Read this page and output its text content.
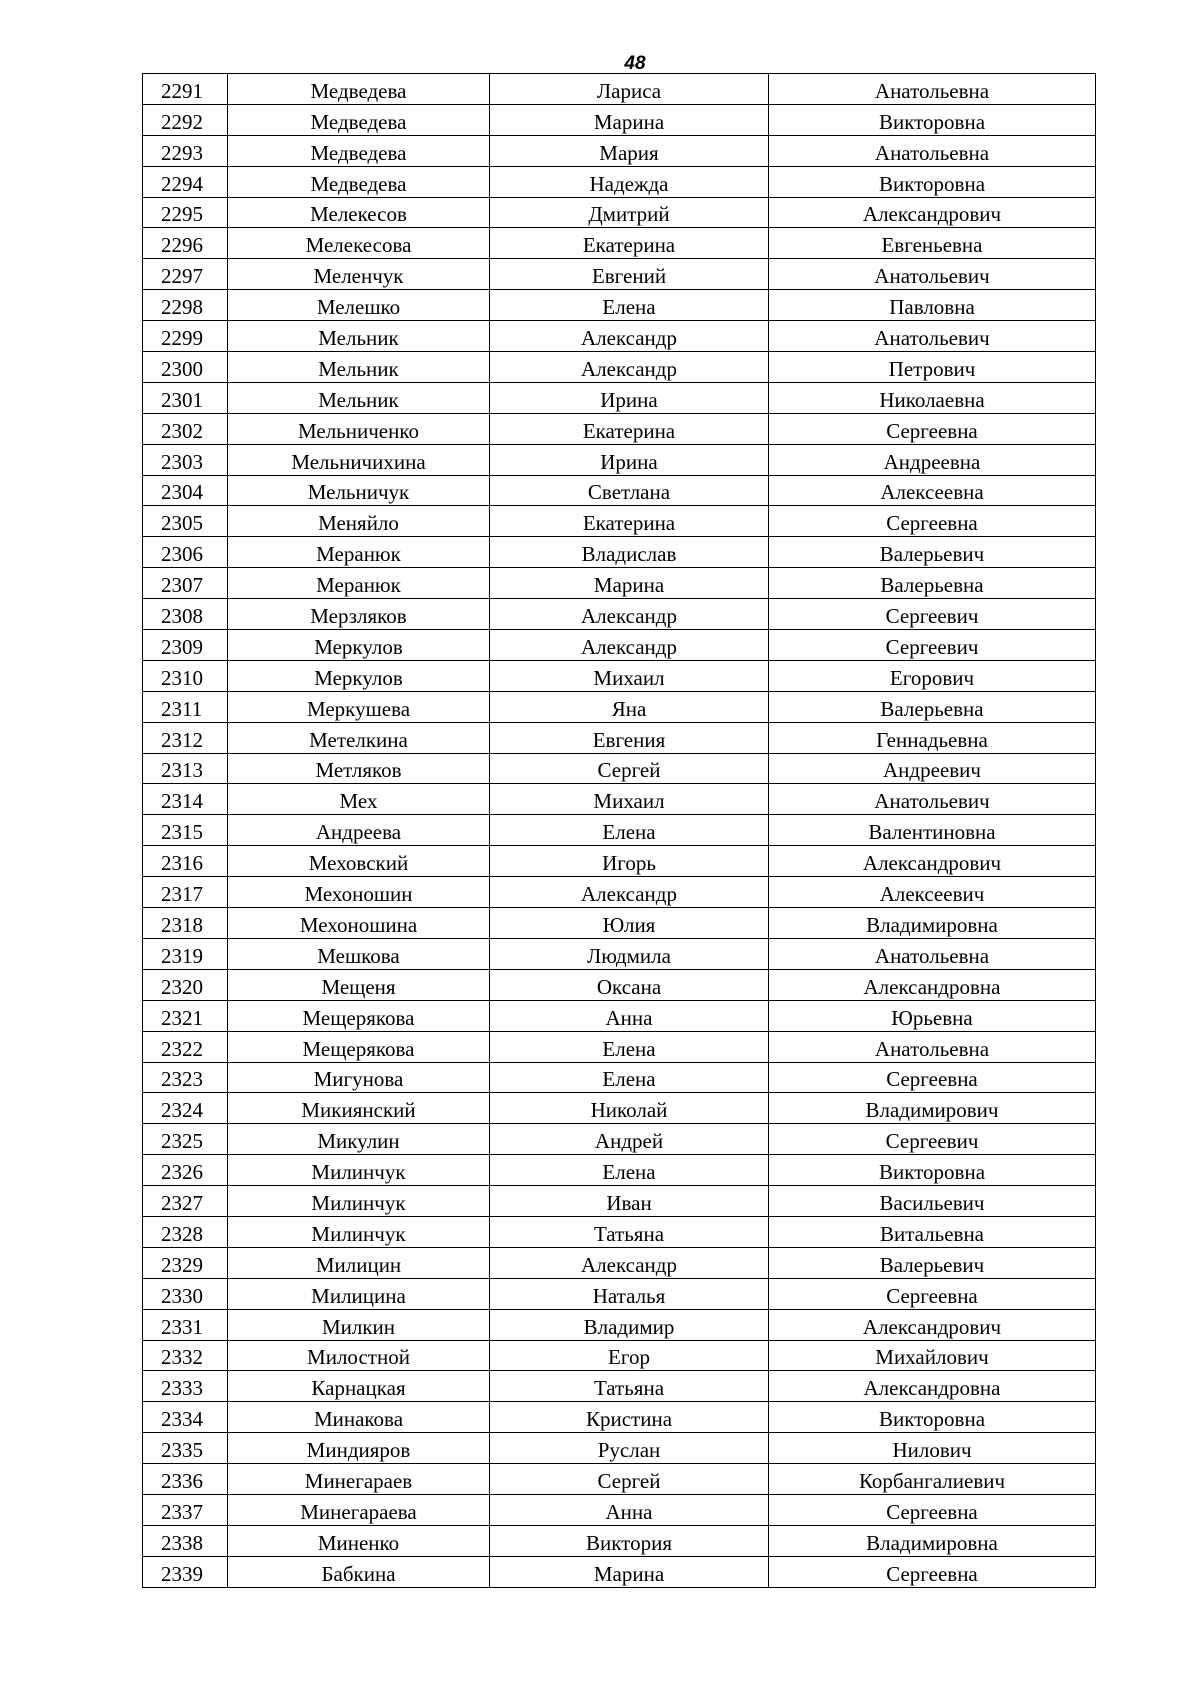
48
2291	Медведева	Лариса	Анатольевна
2292	Медведева	Марина	Викторовна
2293	Медведева	Мария	Анатольевна
2294	Медведева	Надежда	Викторовна
2295	Мелекесов	Дмитрий	Александрович
2296	Мелекесова	Екатерина	Евгеньевна
2297	Меленчук	Евгений	Анатольевич
2298	Мелешко	Елена	Павловна
2299	Мельник	Александр	Анатольевич
2300	Мельник	Александр	Петрович
2301	Мельник	Ирина	Николаевна
2302	Мельниченко	Екатерина	Сергеевна
2303	Мельничихина	Ирина	Андреевна
2304	Мельничук	Светлана	Алексеевна
2305	Меняйло	Екатерина	Сергеевна
2306	Меранюк	Владислав	Валерьевич
2307	Меранюк	Марина	Валерьевна
2308	Мерзляков	Александр	Сергеевич
2309	Меркулов	Александр	Сергеевич
2310	Меркулов	Михаил	Егорович
2311	Меркушева	Яна	Валерьевна
2312	Метелкина	Евгения	Геннадьевна
2313	Метляков	Сергей	Андреевич
2314	Мех	Михаил	Анатольевич
2315	Андреева	Елена	Валентиновна
2316	Меховский	Игорь	Александрович
2317	Мехоношин	Александр	Алексеевич
2318	Мехоношина	Юлия	Владимировна
2319	Мешкова	Людмила	Анатольевна
2320	Мещеня	Оксана	Александровна
2321	Мещерякова	Анна	Юрьевна
2322	Мещерякова	Елена	Анатольевна
2323	Мигунова	Елена	Сергеевна
2324	Микиянский	Николай	Владимирович
2325	Микулин	Андрей	Сергеевич
2326	Милинчук	Елена	Викторовна
2327	Милинчук	Иван	Васильевич
2328	Милинчук	Татьяна	Витальевна
2329	Милицин	Александр	Валерьевич
2330	Милицина	Наталья	Сергеевна
2331	Милкин	Владимир	Александрович
2332	Милостной	Егор	Михайлович
2333	Карнацкая	Татьяна	Александровна
2334	Минакова	Кристина	Викторовна
2335	Миндияров	Руслан	Нилович
2336	Минегараев	Сергей	Корбангалиевич
2337	Минегараева	Анна	Сергеевна
2338	Миненко	Виктория	Владимировна
2339	Бабкина	Марина	Сергеевна
